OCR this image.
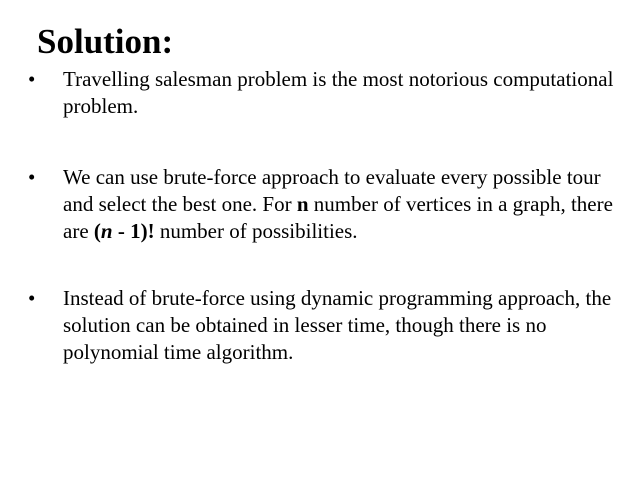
Solution:
•	Travelling salesman problem is the most notorious computational problem.
•	We can use brute-force approach to evaluate every possible tour and select the best one. For n number of vertices in a graph, there are (n - 1)! number of possibilities.
•	Instead of brute-force using dynamic programming approach, the solution can be obtained in lesser time, though there is no polynomial time algorithm.
